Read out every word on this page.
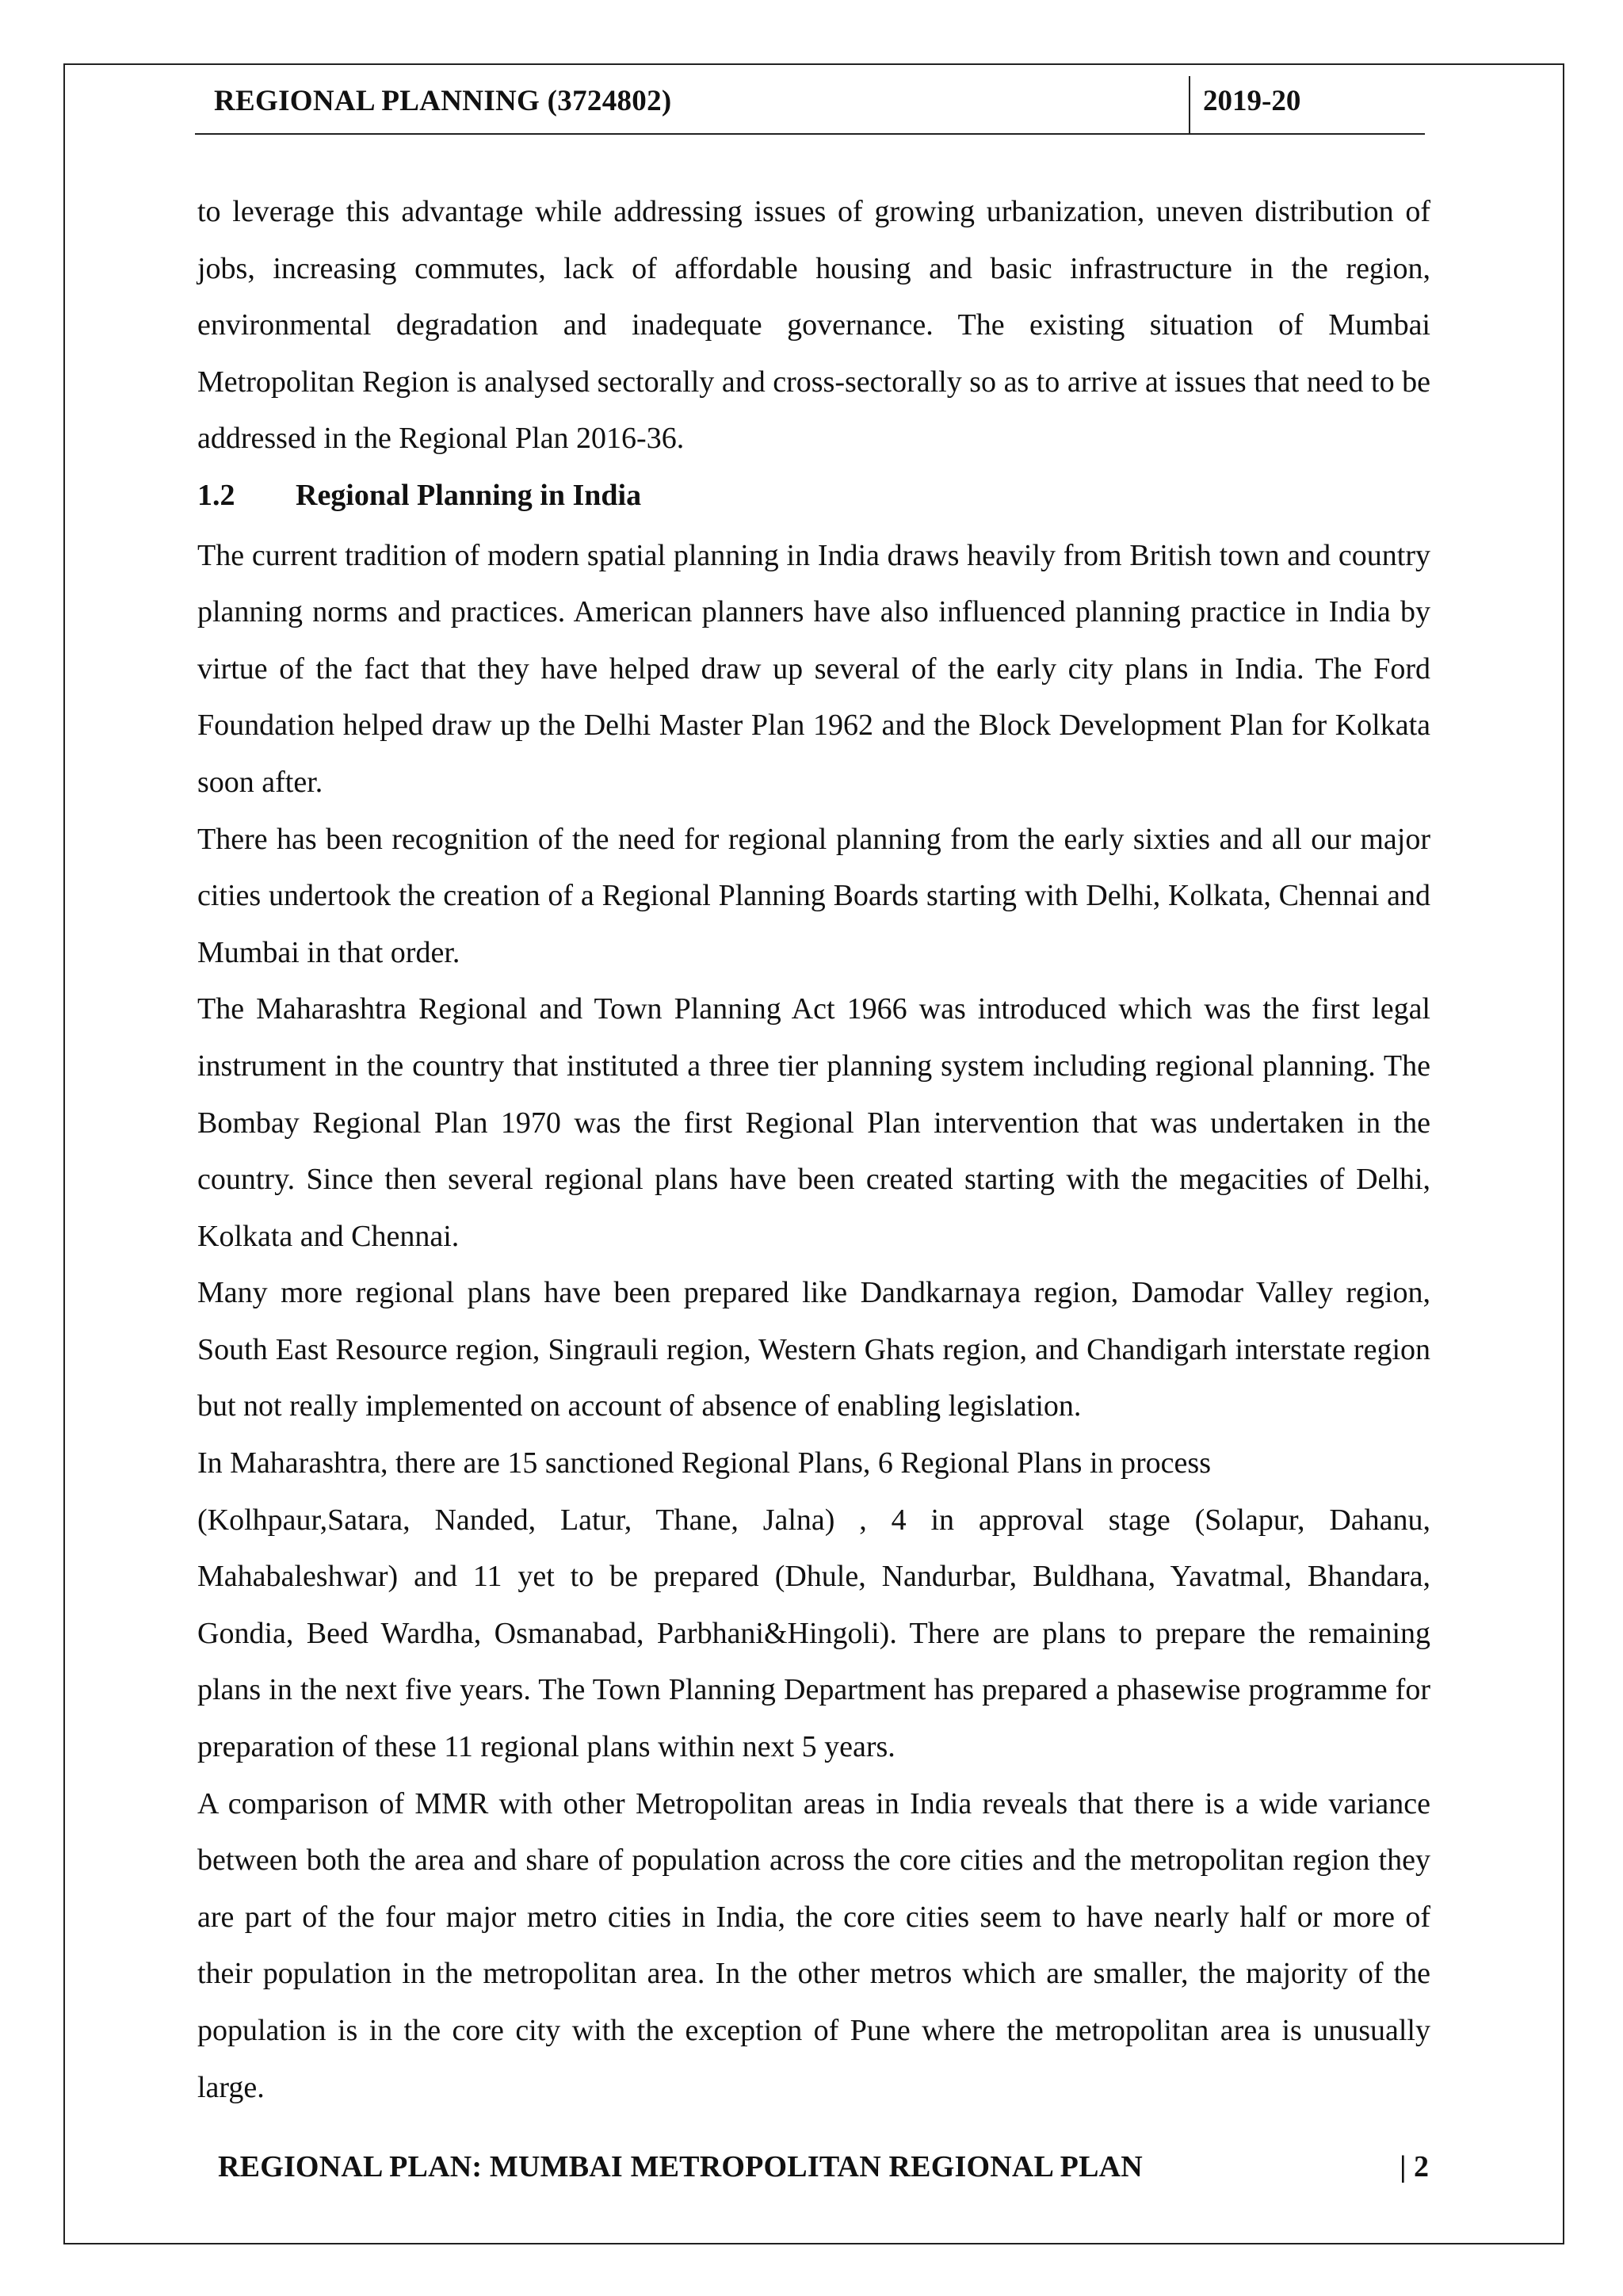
REGIONAL PLANNING (3724802)	2019-20

to leverage this advantage while addressing issues of growing urbanization, uneven distribution of jobs, increasing commutes, lack of affordable housing and basic infrastructure in the region, environmental degradation and inadequate governance. The existing situation of Mumbai Metropolitan Region is analysed sectorally and cross-sectorally so as to arrive at issues that need to be addressed in the Regional Plan 2016-36.

1.2 Regional Planning in India

The current tradition of modern spatial planning in India draws heavily from British town and country planning norms and practices. American planners have also influenced planning practice in India by virtue of the fact that they have helped draw up several of the early city plans in India. The Ford Foundation helped draw up the Delhi Master Plan 1962 and the Block Development Plan for Kolkata soon after.

There has been recognition of the need for regional planning from the early sixties and all our major cities undertook the creation of a Regional Planning Boards starting with Delhi, Kolkata, Chennai and Mumbai in that order.

The Maharashtra Regional and Town Planning Act 1966 was introduced which was the first legal instrument in the country that instituted a three tier planning system including regional planning. The Bombay Regional Plan 1970 was the first Regional Plan intervention that was undertaken in the country. Since then several regional plans have been created starting with the megacities of Delhi, Kolkata and Chennai.

Many more regional plans have been prepared like Dandkarnaya region, Damodar Valley region, South East Resource region, Singrauli region, Western Ghats region, and Chandigarh interstate region but not really implemented on account of absence of enabling legislation.

In Maharashtra, there are 15 sanctioned Regional Plans, 6 Regional Plans in process

(Kolhpaur,Satara, Nanded, Latur, Thane, Jalna) , 4 in approval stage (Solapur, Dahanu, Mahabaleshwar) and 11 yet to be prepared (Dhule, Nandurbar, Buldhana, Yavatmal, Bhandara, Gondia, Beed Wardha, Osmanabad, Parbhani&Hingoli). There are plans to prepare the remaining plans in the next five years. The Town Planning Department has prepared a phasewise programme for preparation of these 11 regional plans within next 5 years.

A comparison of MMR with other Metropolitan areas in India reveals that there is a wide variance between both the area and share of population across the core cities and the metropolitan region they are part of the four major metro cities in India, the core cities seem to have nearly half or more of their population in the metropolitan area. In the other metros which are smaller, the majority of the population is in the core city with the exception of Pune where the metropolitan area is unusually large.

REGIONAL PLAN: MUMBAI METROPOLITAN REGIONAL PLAN	| 2
